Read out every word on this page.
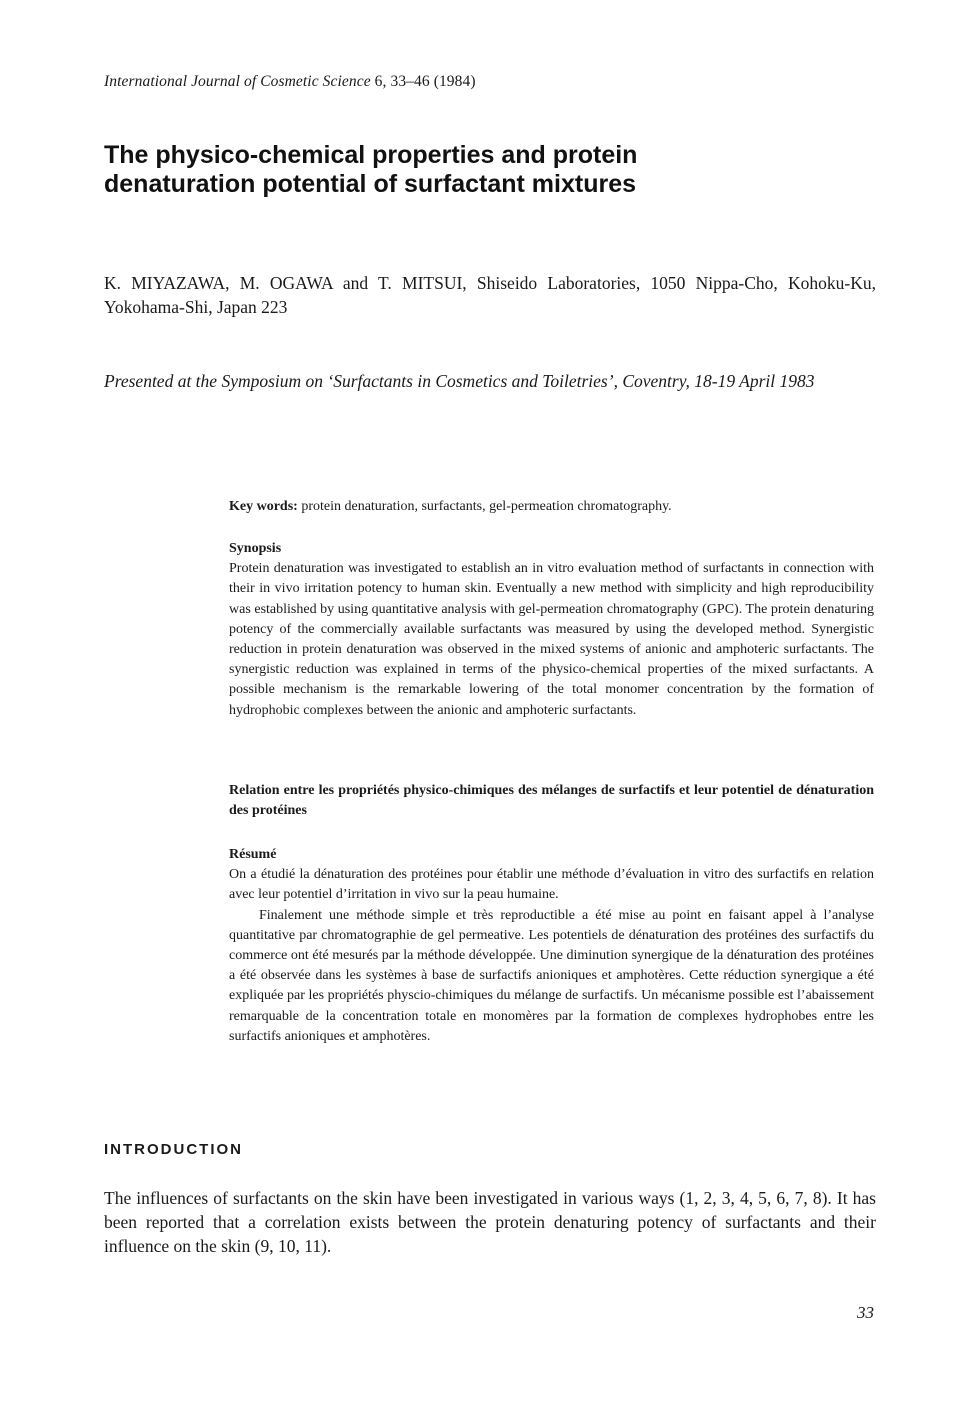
International Journal of Cosmetic Science 6, 33–46 (1984)
The physico-chemical properties and protein
denaturation potential of surfactant mixtures

K. MIYAZAWA, M. OGAWA and T. MITSUI, Shiseido Laboratories, 1050 Nippa-Cho, Kohoku-Ku, Yokohama-Shi, Japan 223

Presented at the Symposium on ‘Surfactants in Cosmetics and Toiletries’, Coventry, 18-19 April 1983

Key words: protein denaturation, surfactants, gel-permeation chromatography.

Synopsis

Protein denaturation was investigated to establish an in vitro evaluation method of surfactants in connection with their in vivo irritation potency to human skin. Eventually a new method with simplicity and high reproducibility was established by using quantitative analysis with gel-permeation chromatography (GPC). The protein denaturing potency of the commercially available surfactants was measured by using the developed method. Synergistic reduction in protein denaturation was observed in the mixed systems of anionic and amphoteric surfactants. The synergistic reduction was explained in terms of the physico-chemical properties of the mixed surfactants. A possible mechanism is the remarkable lowering of the total monomer concentration by the formation of hydrophobic complexes between the anionic and amphoteric surfactants.

Relation entre les propriétés physico-chimiques des mélanges de surfactifs et leur potentiel de dénaturation des protéines

Résumé

On a étudié la dénaturation des protéines pour établir une méthode d’évaluation in vitro des surfactifs en relation avec leur potentiel d’irritation in vivo sur la peau humaine.

Finalement une méthode simple et très reproductible a été mise au point en faisant appel à l’analyse quantitative par chromatographie de gel permeative. Les potentiels de dénaturation des protéines des surfactifs du commerce ont été mesurés par la méthode développée. Une diminution synergique de la dénaturation des protéines a été observée dans les systèmes à base de surfactifs anioniques et amphotères. Cette réduction synergique a été expliquée par les propriétés physcio-chimiques du mélange de surfactifs. Un mécanisme possible est l’abaissement remarquable de la concentration totale en monomères par la formation de complexes hydrophobes entre les surfactifs anioniques et amphotères.

INTRODUCTION

The influences of surfactants on the skin have been investigated in various ways (1, 2, 3, 4, 5, 6, 7, 8). It has been reported that a correlation exists between the protein denaturing potency of surfactants and their influence on the skin (9, 10, 11).

33
